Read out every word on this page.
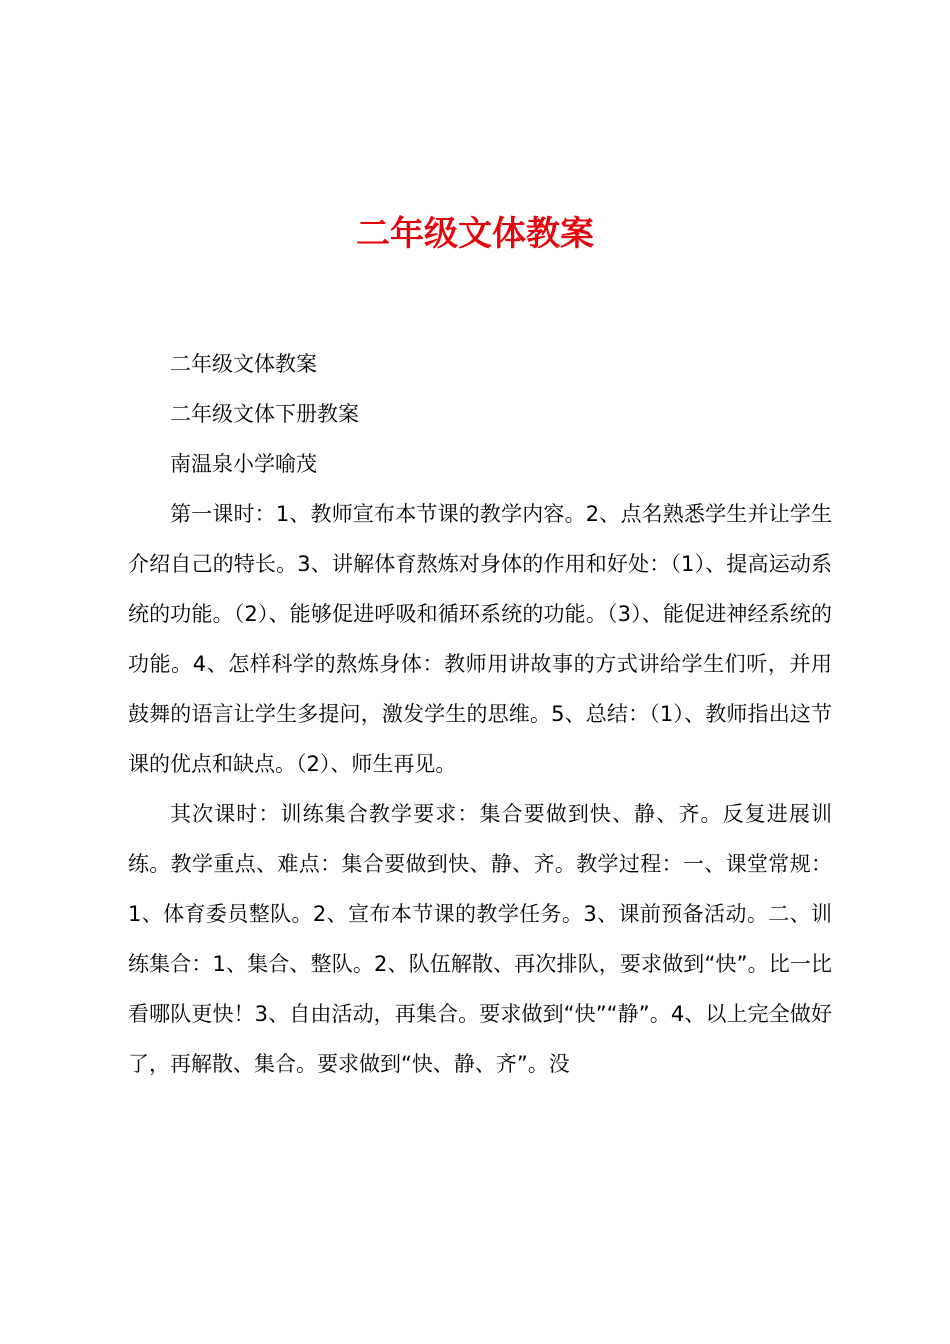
二年级文体教案

二年级文体教案

二年级文体下册教案

南温泉小学喻茂

第一课时：1、教师宣布本节课的教学内容。2、点名熟悉学生并让学生介绍自己的特长。3、讲解体育熬炼对身体的作用和好处：（1）、提高运动系统的功能。（2）、能够促进呼吸和循环系统的功能。（3）、能促进神经系统的功能。4、怎样科学的熬炼身体：教师用讲故事的方式讲给学生们听，并用鼓舞的语言让学生多提问，激发学生的思维。5、总结：（1）、教师指出这节课的优点和缺点。（2）、师生再见。

其次课时：训练集合教学要求：集合要做到快、静、齐。反复进展训练。教学重点、难点：集合要做到快、静、齐。教学过程：一、课堂常规：1、体育委员整队。2、宣布本节课的教学任务。3、课前预备活动。二、训练集合：1、集合、整队。2、队伍解散、再次排队，要求做到“快”。比一比看哪队更快！3、自由活动，再集合。要求做到“快”“静”。4、以上完全做好了，再解散、集合。要求做到“快、静、齐”。没
